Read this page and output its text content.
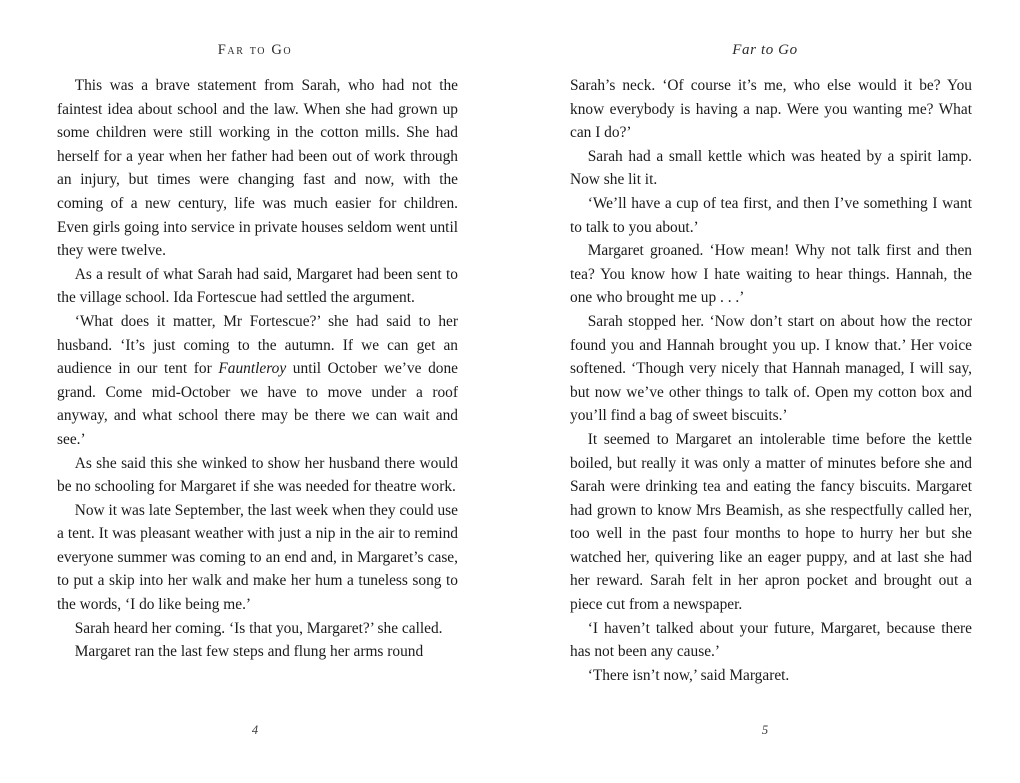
Far to Go

This was a brave statement from Sarah, who had not the faintest idea about school and the law. When she had grown up some children were still working in the cotton mills. She had herself for a year when her father had been out of work through an injury, but times were changing fast and now, with the coming of a new century, life was much easier for children. Even girls going into service in private houses seldom went until they were twelve.

As a result of what Sarah had said, Margaret had been sent to the village school. Ida Fortescue had settled the argument.

‘What does it matter, Mr Fortescue?’ she had said to her husband. ‘It’s just coming to the autumn. If we can get an audience in our tent for Fauntleroy until October we’ve done grand. Come mid-October we have to move under a roof anyway, and what school there may be there we can wait and see.’

As she said this she winked to show her husband there would be no schooling for Margaret if she was needed for theatre work.

Now it was late September, the last week when they could use a tent. It was pleasant weather with just a nip in the air to remind everyone summer was coming to an end and, in Margaret’s case, to put a skip into her walk and make her hum a tuneless song to the words, ‘I do like being me.’

Sarah heard her coming. ‘Is that you, Margaret?’ she called.

Margaret ran the last few steps and flung her arms round

4
Far to Go

Sarah’s neck. ‘Of course it’s me, who else would it be? You know everybody is having a nap. Were you wanting me? What can I do?’

Sarah had a small kettle which was heated by a spirit lamp. Now she lit it.

‘We’ll have a cup of tea first, and then I’ve something I want to talk to you about.’

Margaret groaned. ‘How mean! Why not talk first and then tea? You know how I hate waiting to hear things. Hannah, the one who brought me up . . .’

Sarah stopped her. ‘Now don’t start on about how the rector found you and Hannah brought you up. I know that.’ Her voice softened. ‘Though very nicely that Hannah managed, I will say, but now we’ve other things to talk of. Open my cotton box and you’ll find a bag of sweet biscuits.’

It seemed to Margaret an intolerable time before the kettle boiled, but really it was only a matter of minutes before she and Sarah were drinking tea and eating the fancy biscuits. Margaret had grown to know Mrs Beamish, as she respectfully called her, too well in the past four months to hope to hurry her but she watched her, quivering like an eager puppy, and at last she had her reward. Sarah felt in her apron pocket and brought out a piece cut from a newspaper.

‘I haven’t talked about your future, Margaret, because there has not been any cause.’

‘There isn’t now,’ said Margaret.

5
